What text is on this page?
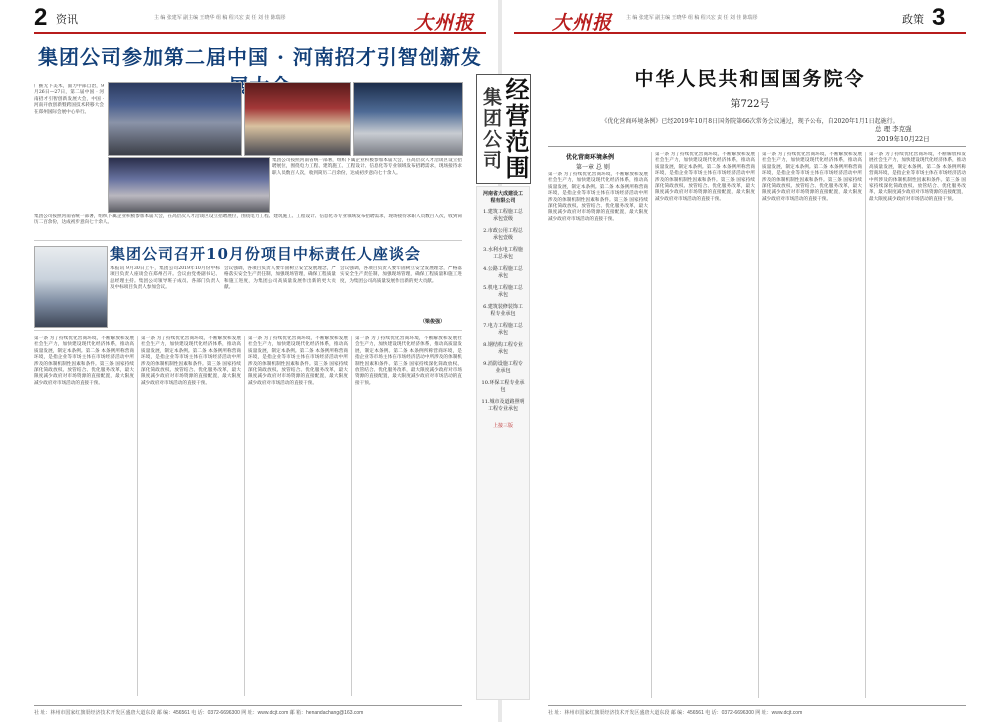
2 资讯	主 编 张建军 副主编 王晓华 组 稿 程兴宏 责 任 刘 佳 陈瑞彤	大州报
集团公司参加第二届中国 · 河南招才引智创新发
广猴无下美术，面力中部自治，9月26日—27日，第二届中国 · 河南招才引智创新发展大会，中国 · 河南开放创新暨跨国技术转移大会在郑州国际会展中心举行。
集团公司按照河南省统一部署，组织下属企业积极参加本届大会，在高层次人才洽谈区设立招聘展位，围绕电力工程、建筑施工、工程设计、信息化等专业领域发布招聘需求，现场接待求职人员数百人次，收到简历二百余份，达成初步意向七十余人。
集团公司按照河南省统一部署，组织下属企业积极参加本届大会，在高层次人才洽谈区设立招聘展位，围绕电力工程、建筑施工、工程设计、信息化等专业领域发布招聘需求，现场接待求职人员数百人次，收到简历二百余份，达成初步意向七十余人。
集团公司召开10月份项目中标责任人座谈会
本报讯 9月30日上午，集团公司2019年10月份中标项目负责人座谈会在郑州召开。会议由党委副书记、总经理主持。集团公司领导班子成员、各部门负责人及中标项目负责人参加会议。
会议强调，各项目负责人要牢固树立安全发展理念，严格落实安全生产责任制，加强现场管理，确保工程质量和施工进度，为集团公司高质量发展作出新的更大贡献。
会议强调，各项目负责人要牢固树立安全发展理念，严格落实安全生产责任制，加强现场管理，确保工程质量和施工进度，为集团公司高质量发展作出新的更大贡献。
（梁俊强）
第一条 为了持续优化营商环境，不断解放和发展社会生产力，加快建设现代化经济体系，推动高质量发展，制定本条例。第二条 本条例所称营商环境，是指企业等市场主体在市场经济活动中所涉及的体制机制性因素和条件。第三条 国家持续深化简政放权、放管结合、优化服务改革，最大限度减少政府对市场资源的直接配置，最大限度减少政府对市场活动的直接干预。
第一条 为了持续优化营商环境，不断解放和发展社会生产力，加快建设现代化经济体系，推动高质量发展，制定本条例。第二条 本条例所称营商环境，是指企业等市场主体在市场经济活动中所涉及的体制机制性因素和条件。第三条 国家持续深化简政放权、放管结合、优化服务改革，最大限度减少政府对市场资源的直接配置，最大限度减少政府对市场活动的直接干预。
第一条 为了持续优化营商环境，不断解放和发展社会生产力，加快建设现代化经济体系，推动高质量发展，制定本条例。第二条 本条例所称营商环境，是指企业等市场主体在市场经济活动中所涉及的体制机制性因素和条件。第三条 国家持续深化简政放权、放管结合、优化服务改革，最大限度减少政府对市场资源的直接配置，最大限度减少政府对市场活动的直接干预。
第一条 为了持续优化营商环境，不断解放和发展社会生产力，加快建设现代化经济体系，推动高质量发展，制定本条例。第二条 本条例所称营商环境，是指企业等市场主体在市场经济活动中所涉及的体制机制性因素和条件。第三条 国家持续深化简政放权、放管结合、优化服务改革，最大限度减少政府对市场资源的直接配置，最大限度减少政府对市场活动的直接干预。
社 址：林州市国家红旗渠经济技术开发区盛唐大道东段 邮 编：456561 电 话：0372-6696300 网 址：www.dcjt.com 邮 箱：henandachang@163.com
经营范围
集团公司
河南省大成建设工程有限公司
1.建筑工程施工总承包壹级
2.市政公用工程总承包壹级
3.水利水电工程施工总承包
4.公路工程施工总承包
5.机电工程施工总承包
6.建筑装修装饰工程专业承包
7.电力工程施工总承包
8.钢结构工程专业承包
9.消防设施工程专业承包
10.环保工程专业承包
11.城市及道路照明工程专业承包
上接三版
大州报	主 编 张建军 副主编 王晓华 组 稿 程兴宏 责 任 刘 佳 陈瑞彤	政策 3
中华人民共和国国务院令
第722号
《优化营商环境条例》已经2019年10月8日国务院第66次常务会议通过，现予公布，自2020年1月1日起施行。
总 理 李克强
2019年10月22日
优化营商环境条例
第一章 总 则
第一条 为了持续优化营商环境，不断解放和发展社会生产力，加快建设现代化经济体系，推动高质量发展，制定本条例。第二条 本条例所称营商环境，是指企业等市场主体在市场经济活动中所涉及的体制机制性因素和条件。第三条 国家持续深化简政放权、放管结合、优化服务改革，最大限度减少政府对市场资源的直接配置，最大限度减少政府对市场活动的直接干预。
第一条 为了持续优化营商环境，不断解放和发展社会生产力，加快建设现代化经济体系，推动高质量发展，制定本条例。第二条 本条例所称营商环境，是指企业等市场主体在市场经济活动中所涉及的体制机制性因素和条件。第三条 国家持续深化简政放权、放管结合、优化服务改革，最大限度减少政府对市场资源的直接配置，最大限度减少政府对市场活动的直接干预。
第一条 为了持续优化营商环境，不断解放和发展社会生产力，加快建设现代化经济体系，推动高质量发展，制定本条例。第二条 本条例所称营商环境，是指企业等市场主体在市场经济活动中所涉及的体制机制性因素和条件。第三条 国家持续深化简政放权、放管结合、优化服务改革，最大限度减少政府对市场资源的直接配置，最大限度减少政府对市场活动的直接干预。
第一条 为了持续优化营商环境，不断解放和发展社会生产力，加快建设现代化经济体系，推动高质量发展，制定本条例。第二条 本条例所称营商环境，是指企业等市场主体在市场经济活动中所涉及的体制机制性因素和条件。第三条 国家持续深化简政放权、放管结合、优化服务改革，最大限度减少政府对市场资源的直接配置，最大限度减少政府对市场活动的直接干预。
社 址：林州市国家红旗渠经济技术开发区盛唐大道东段 邮 编：456561 电 话：0372-6696300 网 址：www.dcjt.com
